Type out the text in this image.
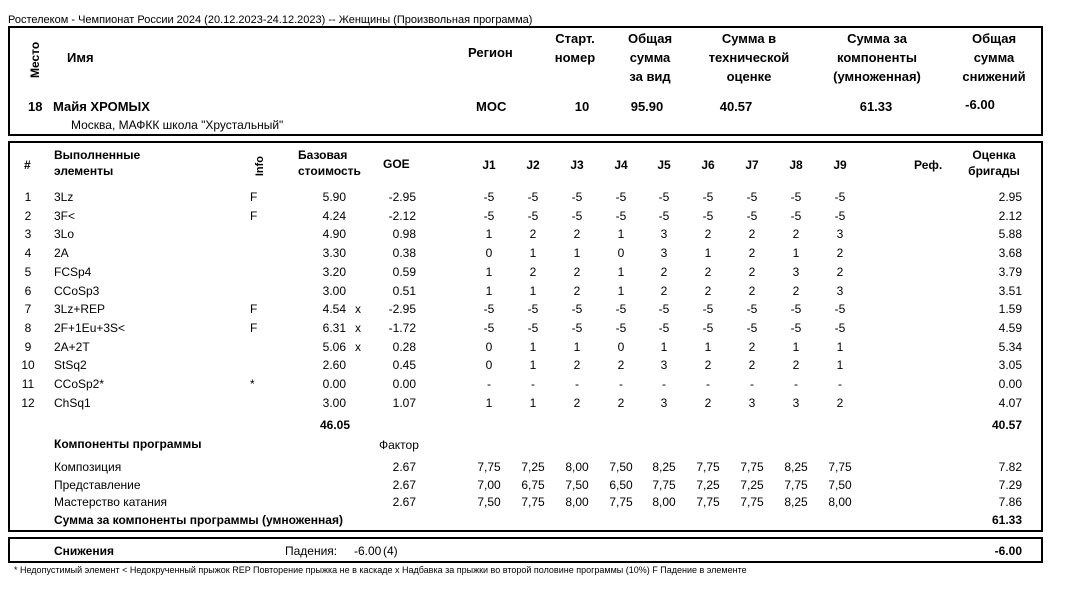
Ростелеком - Чемпионат России 2024 (20.12.2023-24.12.2023) -- Женщины (Произвольная программа)
Место Имя	Регион
Старт.
номер
Общая
сумма
за вид
Сумма в
технической
оценке
Сумма за
компоненты
(умноженная)
Общая
сумма
снижений
18 Майя ХРОМЫХ
Москва, МАФКК школа "Хрустальный"
MOC	10	95.90	40.57	61.33	-6.00
#
Выполненные
элементы	Info
Базовая
стоимость GOE	J1	J2	J3	J4	J5	J6	J7	J8	J9	Реф.
Оценка
бригады
1	3Lz	F	5.90	-2.95	-5	-5	-5	-5	-5	-5	-5	-5	-5	2.95
2	3F<	F	4.24	-2.12	-5	-5	-5	-5	-5	-5	-5	-5	-5	2.12
3	3Lo	4.90	0.98	1	2	2	1	3	2	2	2	3	5.88
4	2A	3.30	0.38	0	1	1	0	3	1	2	1	2	3.68
5	FCSp4	3.20	0.59	1	2	2	1	2	2	2	3	2	3.79
6	CCoSp3	3.00	0.51	1	1	2	1	2	2	2	2	3	3.51
7	3Lz+REP	F	4.54 x	-2.95	-5	-5	-5	-5	-5	-5	-5	-5	-5	1.59
8	2F+1Eu+3S<	F	6.31 x	-1.72	-5	-5	-5	-5	-5	-5	-5	-5	-5	4.59
9	2A+2T	5.06 x	0.28	0	1	1	0	1	1	2	1	1	5.34
10 StSq2	2.60	0.45	0	1	2	2	3	2	2	2	1	3.05
11	CCoSp2*	*	0.00	0.00	-	-	-	-	-	-	-	-	-	0.00
12 ChSq1	3.00	1.07	1	1	2	2	3	2	3	3	2	4.07
46.05	40.57
Компоненты программы	Фактор
Композиция	2.67	7,75	7,25	8,00	7,50	8,25	7,75	7,75	8,25	7,75	7.82
Представление	2.67	7,00	6,75	7,50	6,50	7,75	7,25	7,25	7,75	7,50	7.29
Мастерство катания	2.67	7,50	7,75	8,00	7,75	8,00	7,75	7,75	8,25	8,00	7.86
Сумма за компоненты программы (умноженная)	61.33
Снижения	Падения: -6.00 (4)	-6.00
* Недопустимый элемент < Недокрученный прыжок REP Повторение прыжка не в каскаде x Надбавка за прыжки во второй половине программы (10%) F Падение в элементе
